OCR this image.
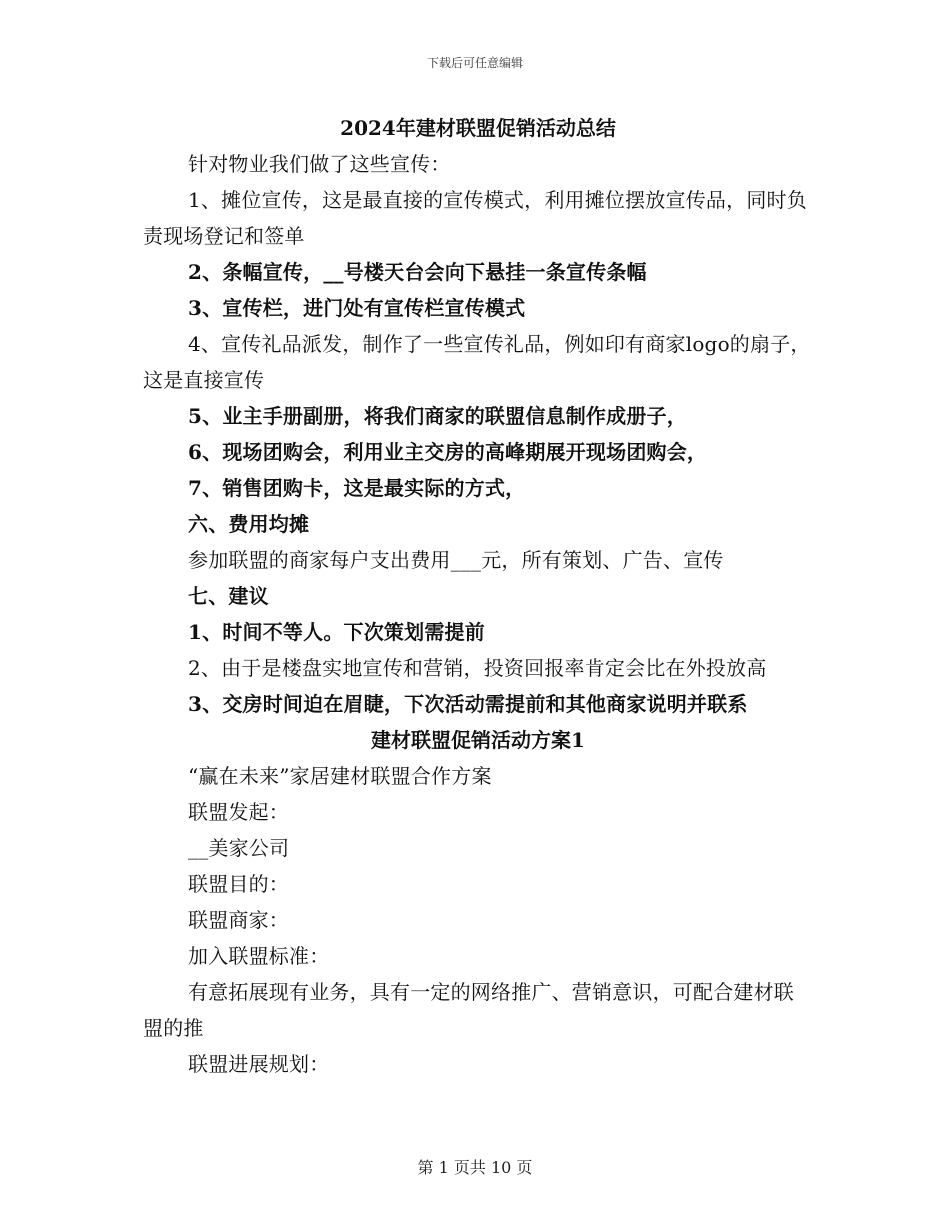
下载后可任意编辑
2024年建材联盟促销活动总结
针对物业我们做了这些宣传：
1、摊位宣传，这是最直接的宣传模式，利用摊位摆放宣传品，同时负责现场登记和签单
2、条幅宣传，__号楼天台会向下悬挂一条宣传条幅
3、宣传栏，进门处有宣传栏宣传模式
4、宣传礼品派发，制作了一些宣传礼品，例如印有商家logo的扇子，这是直接宣传
5、业主手册副册，将我们商家的联盟信息制作成册子，
6、现场团购会，利用业主交房的高峰期展开现场团购会，
7、销售团购卡，这是最实际的方式，
六、费用均摊
参加联盟的商家每户支出费用___元，所有策划、广告、宣传
七、建议
1、时间不等人。下次策划需提前
2、由于是楼盘实地宣传和营销，投资回报率肯定会比在外投放高
3、交房时间迫在眉睫，下次活动需提前和其他商家说明并联系
建材联盟促销活动方案1
“赢在未来”家居建材联盟合作方案
联盟发起：
__美家公司
联盟目的：
联盟商家：
加入联盟标准：
有意拓展现有业务，具有一定的网络推广、营销意识，可配合建材联盟的推
联盟进展规划：
第 1 页共 10 页
